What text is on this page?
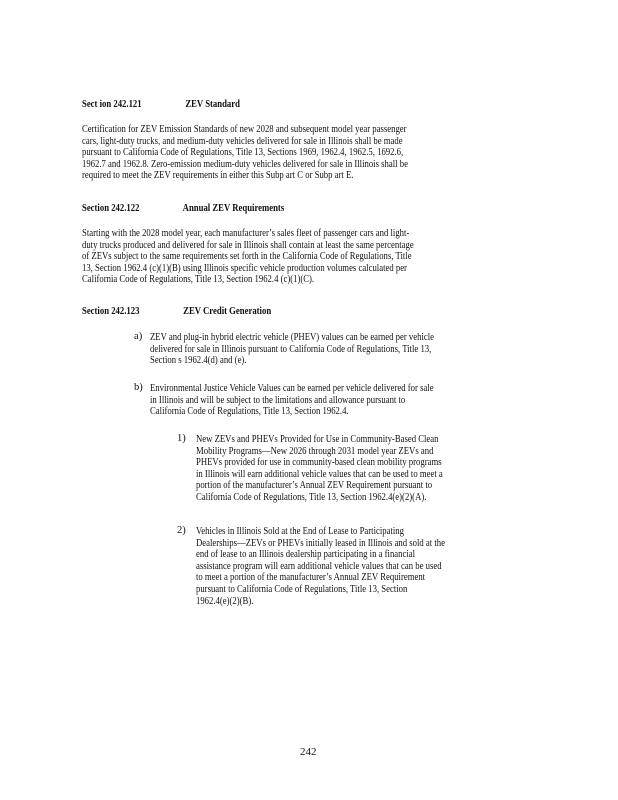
Sect ion 242.121	ZEV Standard
Certification for ZEV Emission Standards of new 2028 and subsequent model year passenger
cars, light-duty trucks, and medium-duty vehicles delivered for sale in Illinois shall be made
pursuant to California Code of Regulations, Title 13, Sections 1969, 1962.4, 1962.5, 1692.6,
1962.7 and 1962.8. Zero-emission medium-duty vehicles delivered for sale in Illinois shall be
required to meet the ZEV requirements in either this Subp art C or Subp art E.
Section 242.122	Annual ZEV Requirements
Starting with the 2028 model year, each manufacturer’s sales fleet of passenger cars and light-
duty trucks produced and delivered for sale in Illinois shall contain at least the same percentage
of ZEVs subject to the same requirements set forth in the California Code of Regulations, Title
13, Section 1962.4 (c)(1)(B) using Illinois specific vehicle production volumes calculated per
California Code of Regulations, Title 13, Section 1962.4 (c)(1)(C).
Section 242.123	ZEV Credit Generation
a) ZEV and plug-in hybrid electric vehicle (PHEV) values can be earned per vehicle
delivered for sale in Illinois pursuant to California Code of Regulations, Title 13,
Section s 1962.4(d) and (e).
b) Environmental Justice Vehicle Values can be earned per vehicle delivered for sale
in Illinois and will be subject to the limitations and allowance pursuant to
California Code of Regulations, Title 13, Section 1962.4.
1) New ZEVs and PHEVs Provided for Use in Community-Based Clean
Mobility Programs—New 2026 through 2031 model year ZEVs and
PHEVs provided for use in community-based clean mobility programs
in Illinois will earn additional vehicle values that can be used to meet a
portion of the manufacturer’s Annual ZEV Requirement pursuant to
California Code of Regulations, Title 13, Section 1962.4(e)(2)(A).
2) Vehicles in Illinois Sold at the End of Lease to Participating
Dealerships—ZEVs or PHEVs initially leased in Illinois and sold at the
end of lease to an Illinois dealership participating in a financial
assistance program will earn additional vehicle values that can be used
to meet a portion of the manufacturer’s Annual ZEV Requirement
pursuant to California Code of Regulations, Title 13, Section
1962.4(e)(2)(B).
242
